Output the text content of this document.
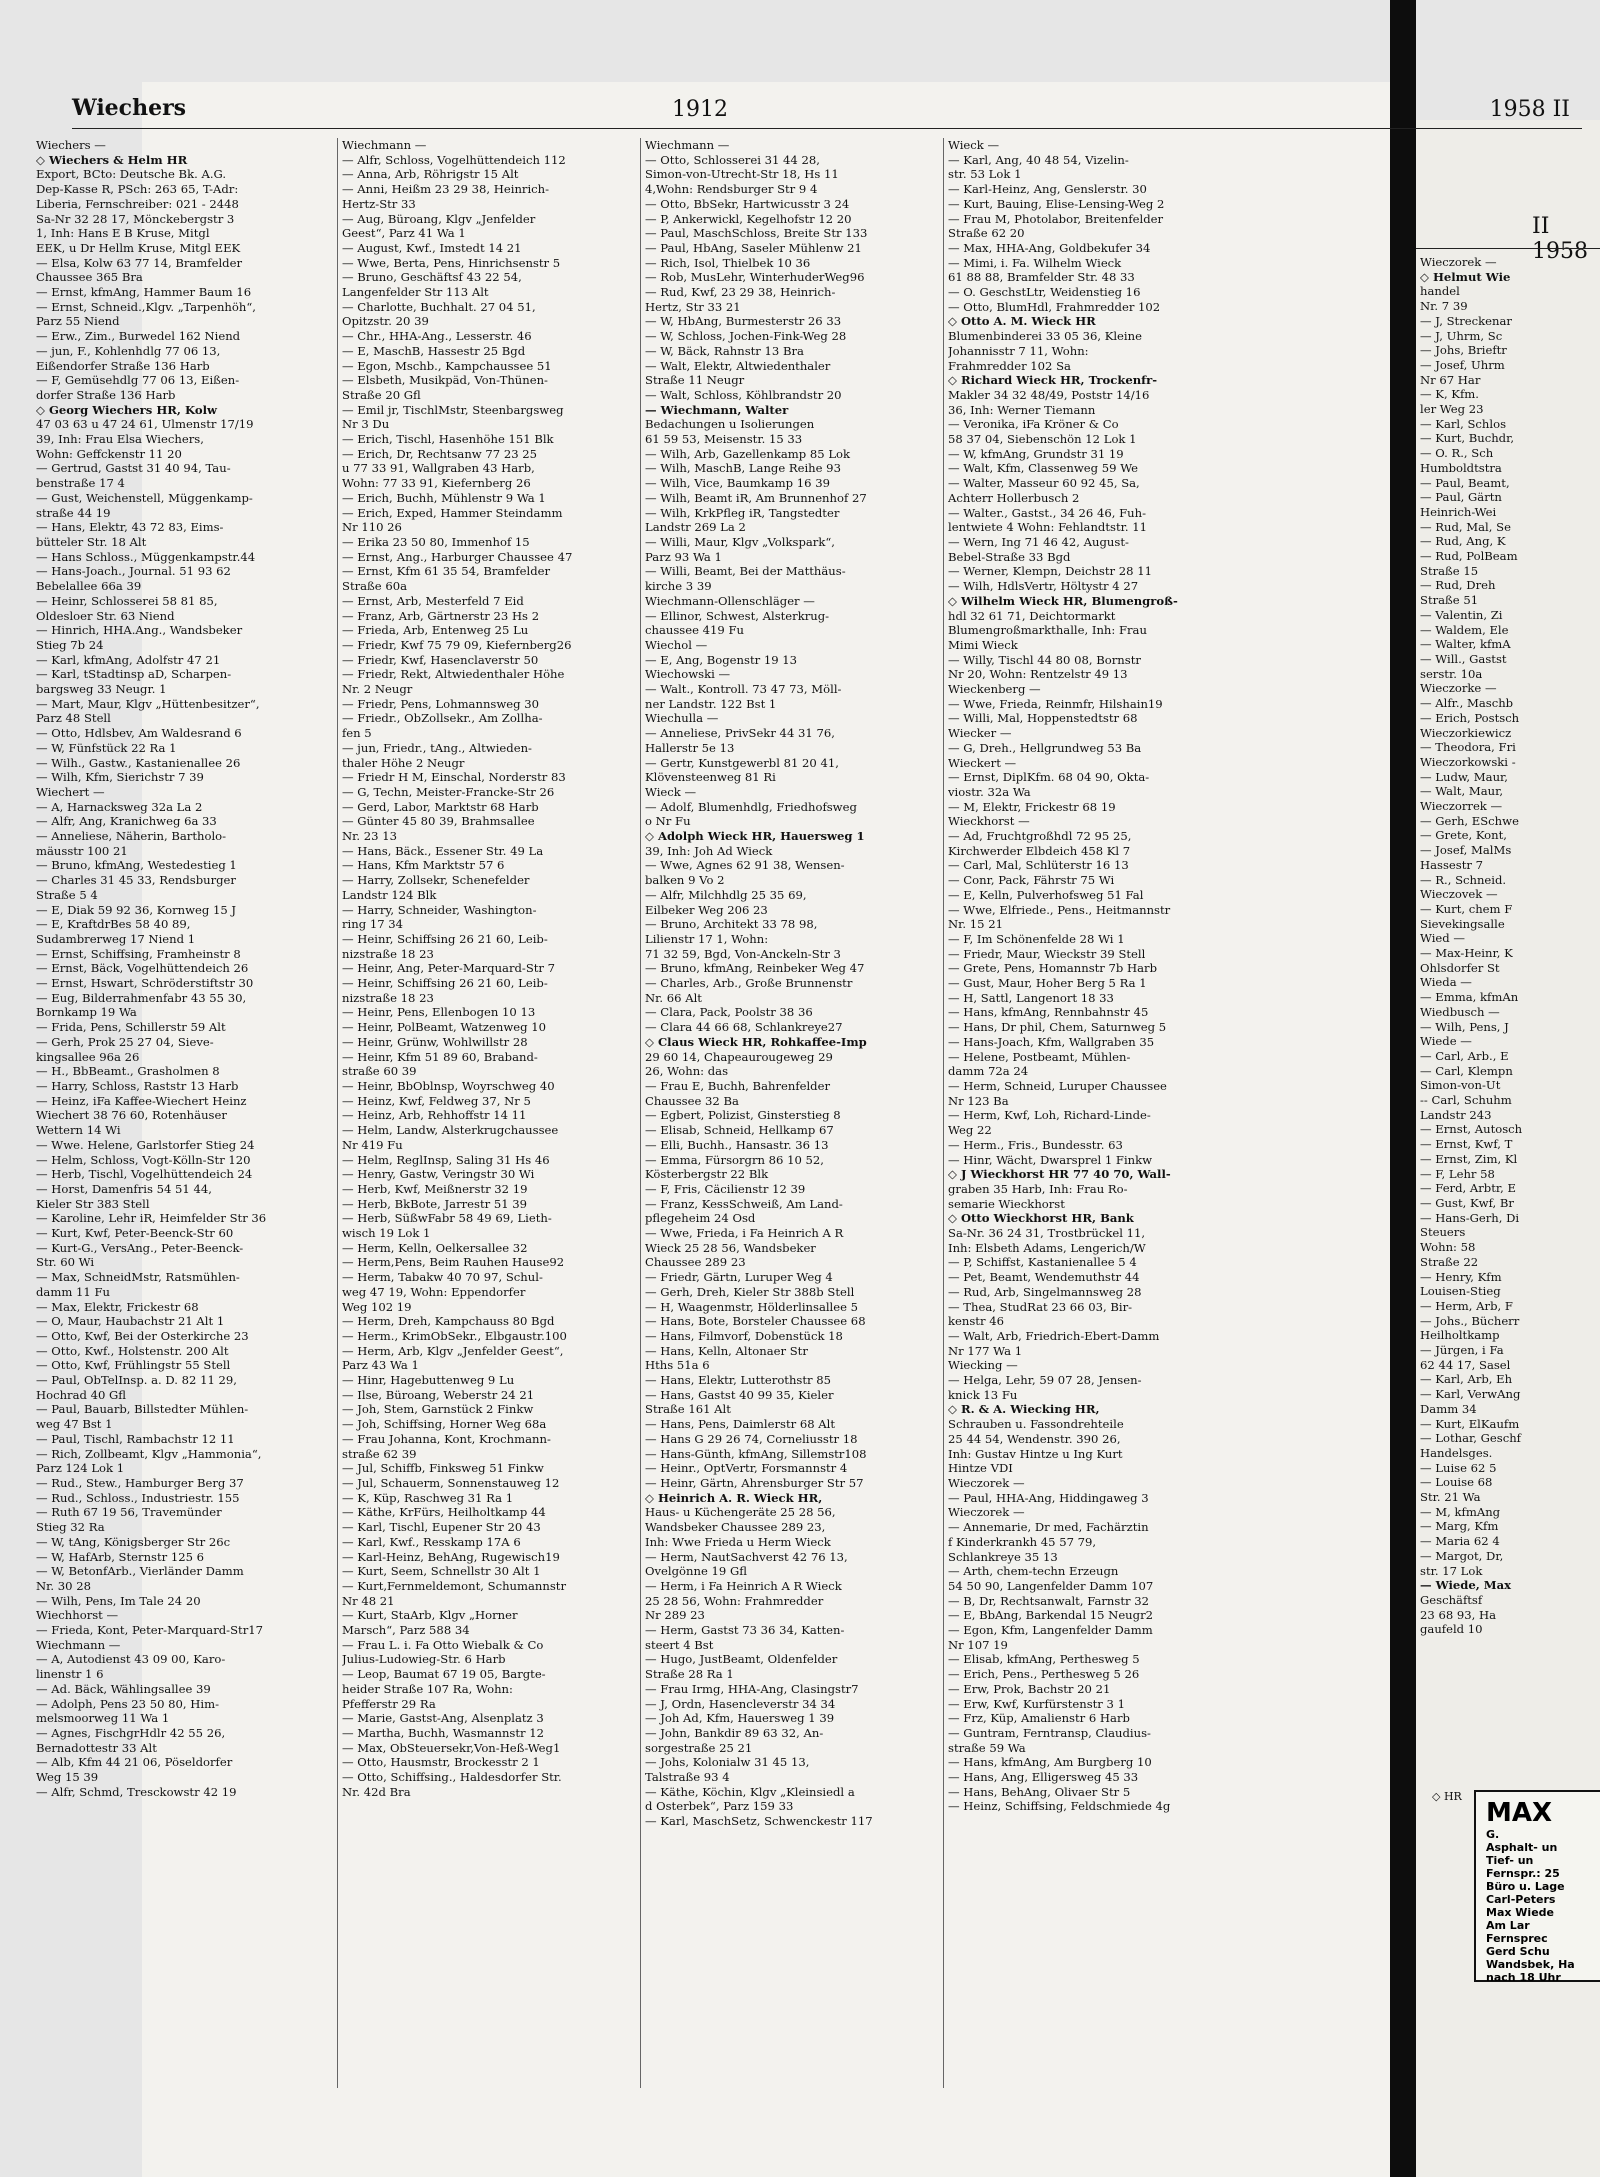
Wiechers	1912	1958 II
II 1958
Wiechers —
◇ Wiechers & Helm HR
Export, BCto: Deutsche Bk. A.G.
Dep-Kasse R, PSch: 263 65, T-Adr:
Liberia, Fernschreiber: 021 - 2448
Sa-Nr 32 28 17, Mönckebergstr 3
1, Inh: Hans E B Kruse, Mitgl
EEK, u Dr Hellm Kruse, Mitgl EEK
— Elsa, Kolw 63 77 14, Bramfelder
Chaussee 365 Bra
— Ernst, kfmAng, Hammer Baum 16
— Ernst, Schneid.,Klgv. „Tarpenhöh“,
Parz 55 Niend
— Erw., Zim., Burwedel 162 Niend
— jun, F., Kohlenhdlg 77 06 13,
Eißendorfer Straße 136 Harb
— F, Gemüsehdlg 77 06 13, Eißen-
dorfer Straße 136 Harb
◇ Georg Wiechers HR, Kolw
47 03 63 u 47 24 61, Ulmenstr 17/19
39, Inh: Frau Elsa Wiechers,
Wohn: Geffckenstr 11 20
— Gertrud, Gastst 31 40 94, Tau-
benstraße 17 4
— Gust, Weichenstell, Müggenkamp-
straße 44 19
— Hans, Elektr, 43 72 83, Eims-
bütteler Str. 18 Alt
— Hans Schloss., Müggenkampstr.44
— Hans-Joach., Journal. 51 93 62
Bebelallee 66a 39
— Heinr, Schlosserei 58 81 85,
Oldesloer Str. 63 Niend
— Hinrich, HHA.Ang., Wandsbeker
Stieg 7b 24
— Karl, kfmAng, Adolfstr 47 21
— Karl, tStadtinsp aD, Scharpen-
bargsweg 33 Neugr. 1
— Mart, Maur, Klgv „Hüttenbesitzer“,
Parz 48 Stell
— Otto, Hdlsbev, Am Waldesrand 6
— W, Fünfstück 22 Ra 1
— Wilh., Gastw., Kastanienallee 26
— Wilh, Kfm, Sierichstr 7 39
Wiechert —
— A, Harnacksweg 32a La 2
— Alfr, Ang, Kranichweg 6a 33
— Anneliese, Näherin, Bartholo-
mäusstr 100 21
— Bruno, kfmAng, Westedestieg 1
— Charles 31 45 33, Rendsburger
Straße 5 4
— E, Diak 59 92 36, Kornweg 15 J
— E, KraftdrBes 58 40 89,
Sudambrerweg 17 Niend 1
— Ernst, Schiffsing, Framheinstr 8
— Ernst, Bäck, Vogelhüttendeich 26
— Ernst, Hswart, Schröderstiftstr 30
— Eug, Bilderrahmenfabr 43 55 30,
Bornkamp 19 Wa
— Frida, Pens, Schillerstr 59 Alt
— Gerh, Prok 25 27 04, Sieve-
kingsallee 96a 26
— H., BbBeamt., Grasholmen 8
— Harry, Schloss, Raststr 13 Harb
— Heinz, iFa Kaffee-Wiechert Heinz
Wiechert 38 76 60, Rotenhäuser
Wettern 14 Wi
— Wwe. Helene, Garlstorfer Stieg 24
— Helm, Schloss, Vogt-Kölln-Str 120
— Herb, Tischl, Vogelhüttendeich 24
— Horst, Damenfris 54 51 44,
Kieler Str 383 Stell
— Karoline, Lehr iR, Heimfelder Str 36
— Kurt, Kwf, Peter-Beenck-Str 60
— Kurt-G., VersAng., Peter-Beenck-
Str. 60 Wi
— Max, SchneidMstr, Ratsmühlen-
damm 11 Fu
— Max, Elektr, Frickestr 68
— O, Maur, Haubachstr 21 Alt 1
— Otto, Kwf, Bei der Osterkirche 23
— Otto, Kwf., Holstenstr. 200 Alt
— Otto, Kwf, Frühlingstr 55 Stell
— Paul, ObTelInsp. a. D. 82 11 29,
Hochrad 40 Gfl
— Paul, Bauarb, Billstedter Mühlen-
weg 47 Bst 1
— Paul, Tischl, Rambachstr 12 11
— Rich, Zollbeamt, Klgv „Hammonia“,
Parz 124 Lok 1
— Rud., Stew., Hamburger Berg 37
— Rud., Schloss., Industriestr. 155
— Ruth 67 19 56, Travemünder
Stieg 32 Ra
— W, tAng, Königsberger Str 26c
— W, HafArb, Sternstr 125 6
— W, BetonfArb., Vierländer Damm
Nr. 30 28
— Wilh, Pens, Im Tale 24 20
Wiechhorst —
— Frieda, Kont, Peter-Marquard-Str17
Wiechmann —
— A, Autodienst 43 09 00, Karo-
linenstr 1 6
— Ad. Bäck, Wählingsallee 39
— Adolph, Pens 23 50 80, Him-
melsmoorweg 11 Wa 1
— Agnes, FischgrHdlr 42 55 26,
Bernadottestr 33 Alt
— Alb, Kfm 44 21 06, Pöseldorfer
Weg 15 39
— Alfr, Schmd, Tresckowstr 42 19
Wiechmann —
— Alfr, Schloss, Vogelhüttendeich 112
— Anna, Arb, Röhrigstr 15 Alt
— Anni, Heißm 23 29 38, Heinrich-
Hertz-Str 33
— Aug, Büroang, Klgv „Jenfelder
Geest“, Parz 41 Wa 1
— August, Kwf., Imstedt 14 21
— Wwe, Berta, Pens, Hinrichsenstr 5
— Bruno, Geschäftsf 43 22 54,
Langenfelder Str 113 Alt
— Charlotte, Buchhalt. 27 04 51,
Opitzstr. 20 39
— Chr., HHA-Ang., Lesserstr. 46
— E, MaschB, Hassestr 25 Bgd
— Egon, Mschb., Kampchaussee 51
— Elsbeth, Musikpäd, Von-Thünen-
Straße 20 Gfl
— Emil jr, TischlMstr, Steenbargsweg
Nr 3 Du
— Erich, Tischl, Hasenhöhe 151 Blk
— Erich, Dr, Rechtsanw 77 23 25
u 77 33 91, Wallgraben 43 Harb,
Wohn: 77 33 91, Kiefernberg 26
— Erich, Buchh, Mühlenstr 9 Wa 1
— Erich, Exped, Hammer Steindamm
Nr 110 26
— Erika 23 50 80, Immenhof 15
— Ernst, Ang., Harburger Chaussee 47
— Ernst, Kfm 61 35 54, Bramfelder
Straße 60a
— Ernst, Arb, Mesterfeld 7 Eid
— Franz, Arb, Gärtnerstr 23 Hs 2
— Frieda, Arb, Entenweg 25 Lu
— Friedr, Kwf 75 79 09, Kiefernberg26
— Friedr, Kwf, Hasenclaverstr 50
— Friedr, Rekt, Altwiedenthaler Höhe
Nr. 2 Neugr
— Friedr, Pens, Lohmannsweg 30
— Friedr., ObZollsekr., Am Zollha-
fen 5
— jun, Friedr., tAng., Altwieden-
thaler Höhe 2 Neugr
— Friedr H M, Einschal, Norderstr 83
— G, Techn, Meister-Francke-Str 26
— Gerd, Labor, Marktstr 68 Harb
— Günter 45 80 39, Brahmsallee
Nr. 23 13
— Hans, Bäck., Essener Str. 49 La
— Hans, Kfm Marktstr 57 6
— Harry, Zollsekr, Schenefelder
Landstr 124 Blk
— Harry, Schneider, Washington-
ring 17 34
— Heinr, Schiffsing 26 21 60, Leib-
nizstraße 18 23
— Heinr, Ang, Peter-Marquard-Str 7
— Heinr, Schiffsing 26 21 60, Leib-
nizstraße 18 23
— Heinr, Pens, Ellenbogen 10 13
— Heinr, PolBeamt, Watzenweg 10
— Heinr, Grünw, Wohlwillstr 28
— Heinr, Kfm 51 89 60, Braband-
straße 60 39
— Heinr, BbOblnsp, Woyrschweg 40
— Heinz, Kwf, Feldweg 37, Nr 5
— Heinz, Arb, Rehhoffstr 14 11
— Helm, Landw, Alsterkrugchaussee
Nr 419 Fu
— Helm, ReglInsp, Saling 31 Hs 46
— Henry, Gastw, Veringstr 30 Wi
— Herb, Kwf, Meißnerstr 32 19
— Herb, BkBote, Jarrestr 51 39
— Herb, SüßwFabr 58 49 69, Lieth-
wisch 19 Lok 1
— Herm, Kelln, Oelkersallee 32
— Herm,Pens, Beim Rauhen Hause92
— Herm, Tabakw 40 70 97, Schul-
weg 47 19, Wohn: Eppendorfer
Weg 102 19
— Herm, Dreh, Kampchauss 80 Bgd
— Herm., KrimObSekr., Elbgaustr.100
— Herm, Arb, Klgv „Jenfelder Geest“,
Parz 43 Wa 1
— Hinr, Hagebuttenweg 9 Lu
— Ilse, Büroang, Weberstr 24 21
— Joh, Stem, Garnstück 2 Finkw
— Joh, Schiffsing, Horner Weg 68a
— Frau Johanna, Kont, Krochmann-
straße 62 39
— Jul, Schiffb, Finksweg 51 Finkw
— Jul, Schauerm, Sonnenstauweg 12
— K, Küp, Raschweg 31 Ra 1
— Käthe, KrFürs, Heilholtkamp 44
— Karl, Tischl, Eupener Str 20 43
— Karl, Kwf., Resskamp 17A 6
— Karl-Heinz, BehAng, Rugewisch19
— Kurt, Seem, Schnellstr 30 Alt 1
— Kurt,Fernmeldemont, Schumannstr
Nr 48 21
— Kurt, StaArb, Klgv „Horner
Marsch“, Parz 588 34
— Frau L. i. Fa Otto Wiebalk & Co
Julius-Ludowieg-Str. 6 Harb
— Leop, Baumat 67 19 05, Bargte-
heider Straße 107 Ra, Wohn:
Pfefferstr 29 Ra
— Marie, Gastst-Ang, Alsenplatz 3
— Martha, Buchh, Wasmannstr 12
— Max, ObSteuersekr,Von-Heß-Weg1
— Otto, Hausmstr, Brockesstr 2 1
— Otto, Schiffsing., Haldesdorfer Str.
Nr. 42d Bra
Wiechmann —
— Otto, Schlosserei 31 44 28,
Simon-von-Utrecht-Str 18, Hs 11
4,Wohn: Rendsburger Str 9 4
— Otto, BbSekr, Hartwicusstr 3 24
— P, Ankerwickl, Kegelhofstr 12 20
— Paul, MaschSchloss, Breite Str 133
— Paul, HbAng, Saseler Mühlenw 21
— Rich, Isol, Thielbek 10 36
— Rob, MusLehr, WinterhuderWeg96
— Rud, Kwf, 23 29 38, Heinrich-
Hertz, Str 33 21
— W, HbAng, Burmesterstr 26 33
— W, Schloss, Jochen-Fink-Weg 28
— W, Bäck, Rahnstr 13 Bra
— Walt, Elektr, Altwiedenthaler
Straße 11 Neugr
— Walt, Schloss, Köhlbrandstr 20
— Wiechmann, Walter
Bedachungen u Isolierungen
61 59 53, Meisenstr. 15 33
— Wilh, Arb, Gazellenkamp 85 Lok
— Wilh, MaschB, Lange Reihe 93
— Wilh, Vice, Baumkamp 16 39
— Wilh, Beamt iR, Am Brunnenhof 27
— Wilh, KrkPfleg iR, Tangstedter
Landstr 269 La 2
— Willi, Maur, Klgv „Volkspark“,
Parz 93 Wa 1
— Willi, Beamt, Bei der Matthäus-
kirche 3 39
Wiechmann-Ollenschläger —
— Ellinor, Schwest, Alsterkrug-
chaussee 419 Fu
Wiechol —
— E, Ang, Bogenstr 19 13
Wiechowski —
— Walt., Kontroll. 73 47 73, Möll-
ner Landstr. 122 Bst 1
Wiechulla —
— Anneliese, PrivSekr 44 31 76,
Hallerstr 5e 13
— Gertr, Kunstgewerbl 81 20 41,
Klövensteenweg 81 Ri
Wieck —
— Adolf, Blumenhdlg, Friedhofsweg
o Nr Fu
◇ Adolph Wieck HR, Hauersweg 1
39, Inh: Joh Ad Wieck
— Wwe, Agnes 62 91 38, Wensen-
balken 9 Vo 2
— Alfr, Milchhdlg 25 35 69,
Eilbeker Weg 206 23
— Bruno, Architekt 33 78 98,
Lilienstr 17 1, Wohn:
71 32 59, Bgd, Von-Anckeln-Str 3
— Bruno, kfmAng, Reinbeker Weg 47
— Charles, Arb., Große Brunnenstr
Nr. 66 Alt
— Clara, Pack, Poolstr 38 36
— Clara 44 66 68, Schlankreye27
◇ Claus Wieck HR, Rohkaffee-Imp
29 60 14, Chapeaurougeweg 29
26, Wohn: das
— Frau E, Buchh, Bahrenfelder
Chaussee 32 Ba
— Egbert, Polizist, Ginsterstieg 8
— Elisab, Schneid, Hellkamp 67
— Elli, Buchh., Hansastr. 36 13
— Emma, Fürsorgrn 86 10 52,
Kösterbergstr 22 Blk
— F, Fris, Cäcilienstr 12 39
— Franz, KessSchweiß, Am Land-
pflegeheim 24 Osd
— Wwe, Frieda, i Fa Heinrich A R
Wieck 25 28 56, Wandsbeker
Chaussee 289 23
— Friedr, Gärtn, Luruper Weg 4
— Gerh, Dreh, Kieler Str 388b Stell
— H, Waagenmstr, Hölderlinsallee 5
— Hans, Bote, Borsteler Chaussee 68
— Hans, Filmvorf, Dobenstück 18
— Hans, Kelln, Altonaer Str
Hths 51a 6
— Hans, Elektr, Lutterothstr 85
— Hans, Gastst 40 99 35, Kieler
Straße 161 Alt
— Hans, Pens, Daimlerstr 68 Alt
— Hans G 29 26 74, Corneliusstr 18
— Hans-Günth, kfmAng, Sillemstr108
— Heinr., OptVertr, Forsmannstr 4
— Heinr, Gärtn, Ahrensburger Str 57
◇ Heinrich A. R. Wieck HR,
Haus- u Küchengeräte 25 28 56,
Wandsbeker Chaussee 289 23,
Inh: Wwe Frieda u Herm Wieck
— Herm, NautSachverst 42 76 13,
Ovelgönne 19 Gfl
— Herm, i Fa Heinrich A R Wieck
25 28 56, Wohn: Frahmredder
Nr 289 23
— Herm, Gastst 73 36 34, Katten-
steert 4 Bst
— Hugo, JustBeamt, Oldenfelder
Straße 28 Ra 1
— Frau Irmg, HHA-Ang, Clasingstr7
— J, Ordn, Hasencleverstr 34 34
— Joh Ad, Kfm, Hauersweg 1 39
— John, Bankdir 89 63 32, An-
sorgestraße 25 21
— Johs, Kolonialw 31 45 13,
Talstraße 93 4
— Käthe, Köchin, Klgv „Kleinsiedl a
d Osterbek“, Parz 159 33
— Karl, MaschSetz, Schwenckestr 117
Wieck —
— Karl, Ang, 40 48 54, Vizelin-
str. 53 Lok 1
— Karl-Heinz, Ang, Genslerstr. 30
— Kurt, Bauing, Elise-Lensing-Weg 2
— Frau M, Photolabor, Breitenfelder
Straße 62 20
— Max, HHA-Ang, Goldbekufer 34
— Mimi, i. Fa. Wilhelm Wieck
61 88 88, Bramfelder Str. 48 33
— O. GeschstLtr, Weidenstieg 16
— Otto, BlumHdl, Frahmredder 102
◇ Otto A. M. Wieck HR
Blumenbinderei 33 05 36, Kleine
Johannisstr 7 11, Wohn:
Frahmredder 102 Sa
◇ Richard Wieck HR, Trockenfr-
Makler 34 32 48/49, Poststr 14/16
36, Inh: Werner Tiemann
— Veronika, iFa Kröner & Co
58 37 04, Siebenschön 12 Lok 1
— W, kfmAng, Grundstr 31 19
— Walt, Kfm, Classenweg 59 We
— Walter, Masseur 60 92 45, Sa,
Achterr Hollerbusch 2
— Walter., Gastst., 34 26 46, Fuh-
lentwiete 4 Wohn: Fehlandtstr. 11
— Wern, Ing 71 46 42, August-
Bebel-Straße 33 Bgd
— Werner, Klempn, Deichstr 28 11
— Wilh, HdlsVertr, Höltystr 4 27
◇ Wilhelm Wieck HR, Blumengroß-
hdl 32 61 71, Deichtormarkt
Blumengroßmarkthalle, Inh: Frau
Mimi Wieck
— Willy, Tischl 44 80 08, Bornstr
Nr 20, Wohn: Rentzelstr 49 13
Wieckenberg —
— Wwe, Frieda, Reinmfr, Hilshain19
— Willi, Mal, Hoppenstedtstr 68
Wiecker —
— G, Dreh., Hellgrundweg 53 Ba
Wieckert —
— Ernst, DiplKfm. 68 04 90, Okta-
viostr. 32a Wa
— M, Elektr, Frickestr 68 19
Wieckhorst —
— Ad, Fruchtgroßhdl 72 95 25,
Kirchwerder Elbdeich 458 Kl 7
— Carl, Mal, Schlüterstr 16 13
— Conr, Pack, Fährstr 75 Wi
— E, Kelln, Pulverhofsweg 51 Fal
— Wwe, Elfriede., Pens., Heitmannstr
Nr. 15 21
— F, Im Schönenfelde 28 Wi 1
— Friedr, Maur, Wieckstr 39 Stell
— Grete, Pens, Homannstr 7b Harb
— Gust, Maur, Hoher Berg 5 Ra 1
— H, Sattl, Langenort 18 33
— Hans, kfmAng, Rennbahnstr 45
— Hans, Dr phil, Chem, Saturnweg 5
— Hans-Joach, Kfm, Wallgraben 35
— Helene, Postbeamt, Mühlen-
damm 72a 24
— Herm, Schneid, Luruper Chaussee
Nr 123 Ba
— Herm, Kwf, Loh, Richard-Linde-
Weg 22
— Herm., Fris., Bundesstr. 63
— Hinr, Wächt, Dwarsprel 1 Finkw
◇ J Wieckhorst HR 77 40 70, Wall-
graben 35 Harb, Inh: Frau Ro-
semarie Wieckhorst
◇ Otto Wieckhorst HR, Bank
Sa-Nr. 36 24 31, Trostbrückel 11,
Inh: Elsbeth Adams, Lengerich/W
— P, Schiffst, Kastanienallee 5 4
— Pet, Beamt, Wendemuthstr 44
— Rud, Arb, Singelmannsweg 28
— Thea, StudRat 23 66 03, Bir-
kenstr 46
— Walt, Arb, Friedrich-Ebert-Damm
Nr 177 Wa 1
Wiecking —
— Helga, Lehr, 59 07 28, Jensen-
knick 13 Fu
◇ R. & A. Wiecking HR,
Schrauben u. Fassondrehteile
25 44 54, Wendenstr. 390 26,
Inh: Gustav Hintze u Ing Kurt
Hintze VDI
Wieczorek —
— Paul, HHA-Ang, Hiddingaweg 3
Wieczorek —
— Annemarie, Dr med, Fachärztin
f Kinderkrankh 45 57 79,
Schlankreye 35 13
— Arth, chem-techn Erzeugn
54 50 90, Langenfelder Damm 107
— B, Dr, Rechtsanwalt, Farnstr 32
— E, BbAng, Barkendal 15 Neugr2
— Egon, Kfm, Langenfelder Damm
Nr 107 19
— Elisab, kfmAng, Perthesweg 5
— Erich, Pens., Perthesweg 5 26
— Erw, Prok, Bachstr 20 21
— Erw, Kwf, Kurfürstenstr 3 1
— Frz, Küp, Amalienstr 6 Harb
— Guntram, Ferntransp, Claudius-
straße 59 Wa
— Hans, kfmAng, Am Burgberg 10
— Hans, Ang, Elligersweg 45 33
— Hans, BehAng, Olivaer Str 5
— Heinz, Schiffsing, Feldschmiede 4g
Wieczorek —
◇ Helmut Wie
handel
Nr. 7 39
— J, Streckenar
— J, Uhrm, Sc
— Johs, Brieftr
— Josef, Uhrm
Nr 67 Har
— K, Kfm.
ler Weg 23
— Karl, Schlos
— Kurt, Buchdr,
— O. R., Sch
Humboldtstra
— Paul, Beamt,
— Paul, Gärtn
Heinrich-Wei
— Rud, Mal, Se
— Rud, Ang, K
— Rud, PolBeam
Straße 15
— Rud, Dreh
Straße 51
— Valentin, Zi
— Waldem, Ele
— Walter, kfmA
— Will., Gastst
serstr. 10a
Wieczorke —
— Alfr., Maschb
— Erich, Postsch
Wieczorkiewicz
— Theodora, Fri
Wieczorkowski -
— Ludw, Maur,
— Walt, Maur,
Wieczorrek —
— Gerh, ESchwe
— Grete, Kont,
— Josef, MalMs
Hassestr 7
— R., Schneid.
Wieczovek —
— Kurt, chem F
Sievekingsalle
Wied —
— Max-Heinr, K
Ohlsdorfer St
Wieda —
— Emma, kfmAn
Wiedbusch —
— Wilh, Pens, J
Wiede —
— Carl, Arb., E
— Carl, Klempn
Simon-von-Ut
-- Carl, Schuhm
Landstr 243
— Ernst, Autosch
— Ernst, Kwf, T
— Ernst, Zim, Kl
— F, Lehr 58
— Ferd, Arbtr, E
— Gust, Kwf, Br
— Hans-Gerh, Di
Steuers
Wohn: 58
Straße 22
— Henry, Kfm
Louisen-Stieg
— Herm, Arb, F
— Johs., Bücherr
Heilholtkamp
— Jürgen, i Fa
62 44 17, Sasel
— Karl, Arb, Eh
— Karl, VerwAng
Damm 34
— Kurt, ElKaufm
— Lothar, Geschf
Handelsges.
— Luise 62 5
— Louise 68
Str. 21 Wa
— M, kfmAng
— Marg, Kfm
— Maria 62 4
— Margot, Dr,
str. 17 Lok
— Wiede, Max
Geschäftsf
23 68 93, Ha
gaufeld 10
◇ HR
MAX
G.
Asphalt- un
Tief- un
Fernspr.: 25
Büro u. Lage
Carl-Peters
Max Wiede
Am Lar
Fernsprec
Gerd Schu
Wandsbek, Ha
nach 18 Uhr
